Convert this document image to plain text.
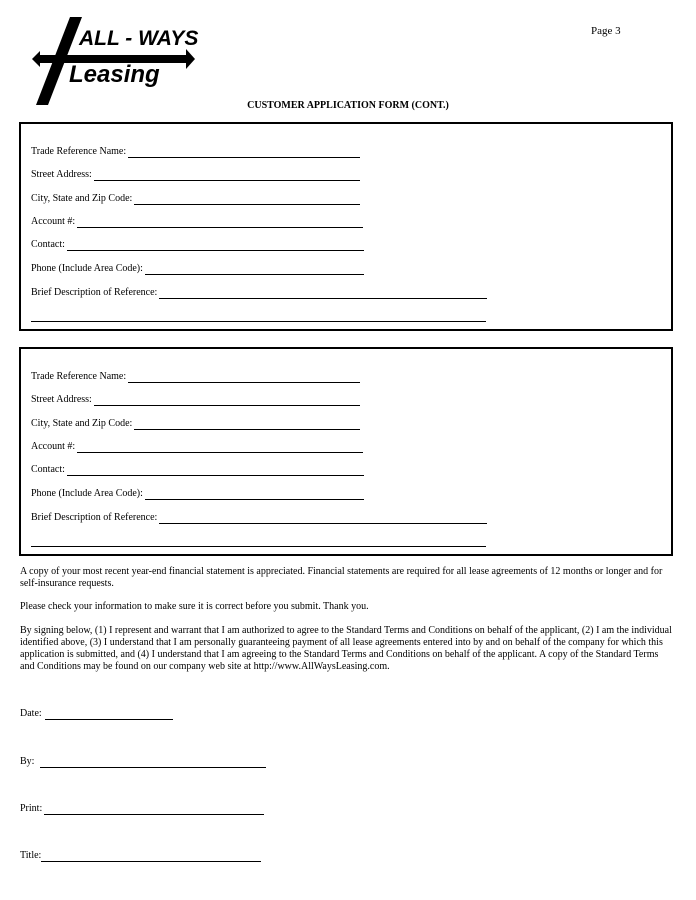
Page 3
ALL - WAYS
Leasing
CUSTOMER APPLICATION FORM (CONT.)
Trade Reference Name:
Street Address:
City, State and Zip Code:
Account #:
Contact:
Phone (Include Area Code):
Brief Description of Reference:
Trade Reference Name:
Street Address:
City, State and Zip Code:
Account #:
Contact:
Phone (Include Area Code):
Brief Description of Reference:
A copy of your most recent year-end financial statement is appreciated. Financial statements are required for all lease agreements of 12 months or longer and for self-insurance requests.
Please check your information to make sure it is correct before you submit. Thank you.
By signing below, (1) I represent and warrant that I am authorized to agree to the Standard Terms and Conditions on behalf of the applicant, (2) I am the individual identified above, (3) I understand that I am personally guaranteeing payment of all lease agreements entered into by and on behalf of the company for which this application is submitted, and (4) I understand that I am agreeing to the Standard Terms and Conditions on behalf of the applicant. A copy of the Standard Terms and Conditions may be found on our company web site at http://www.AllWaysLeasing.com.
Date:
By:
Print:
Title:
